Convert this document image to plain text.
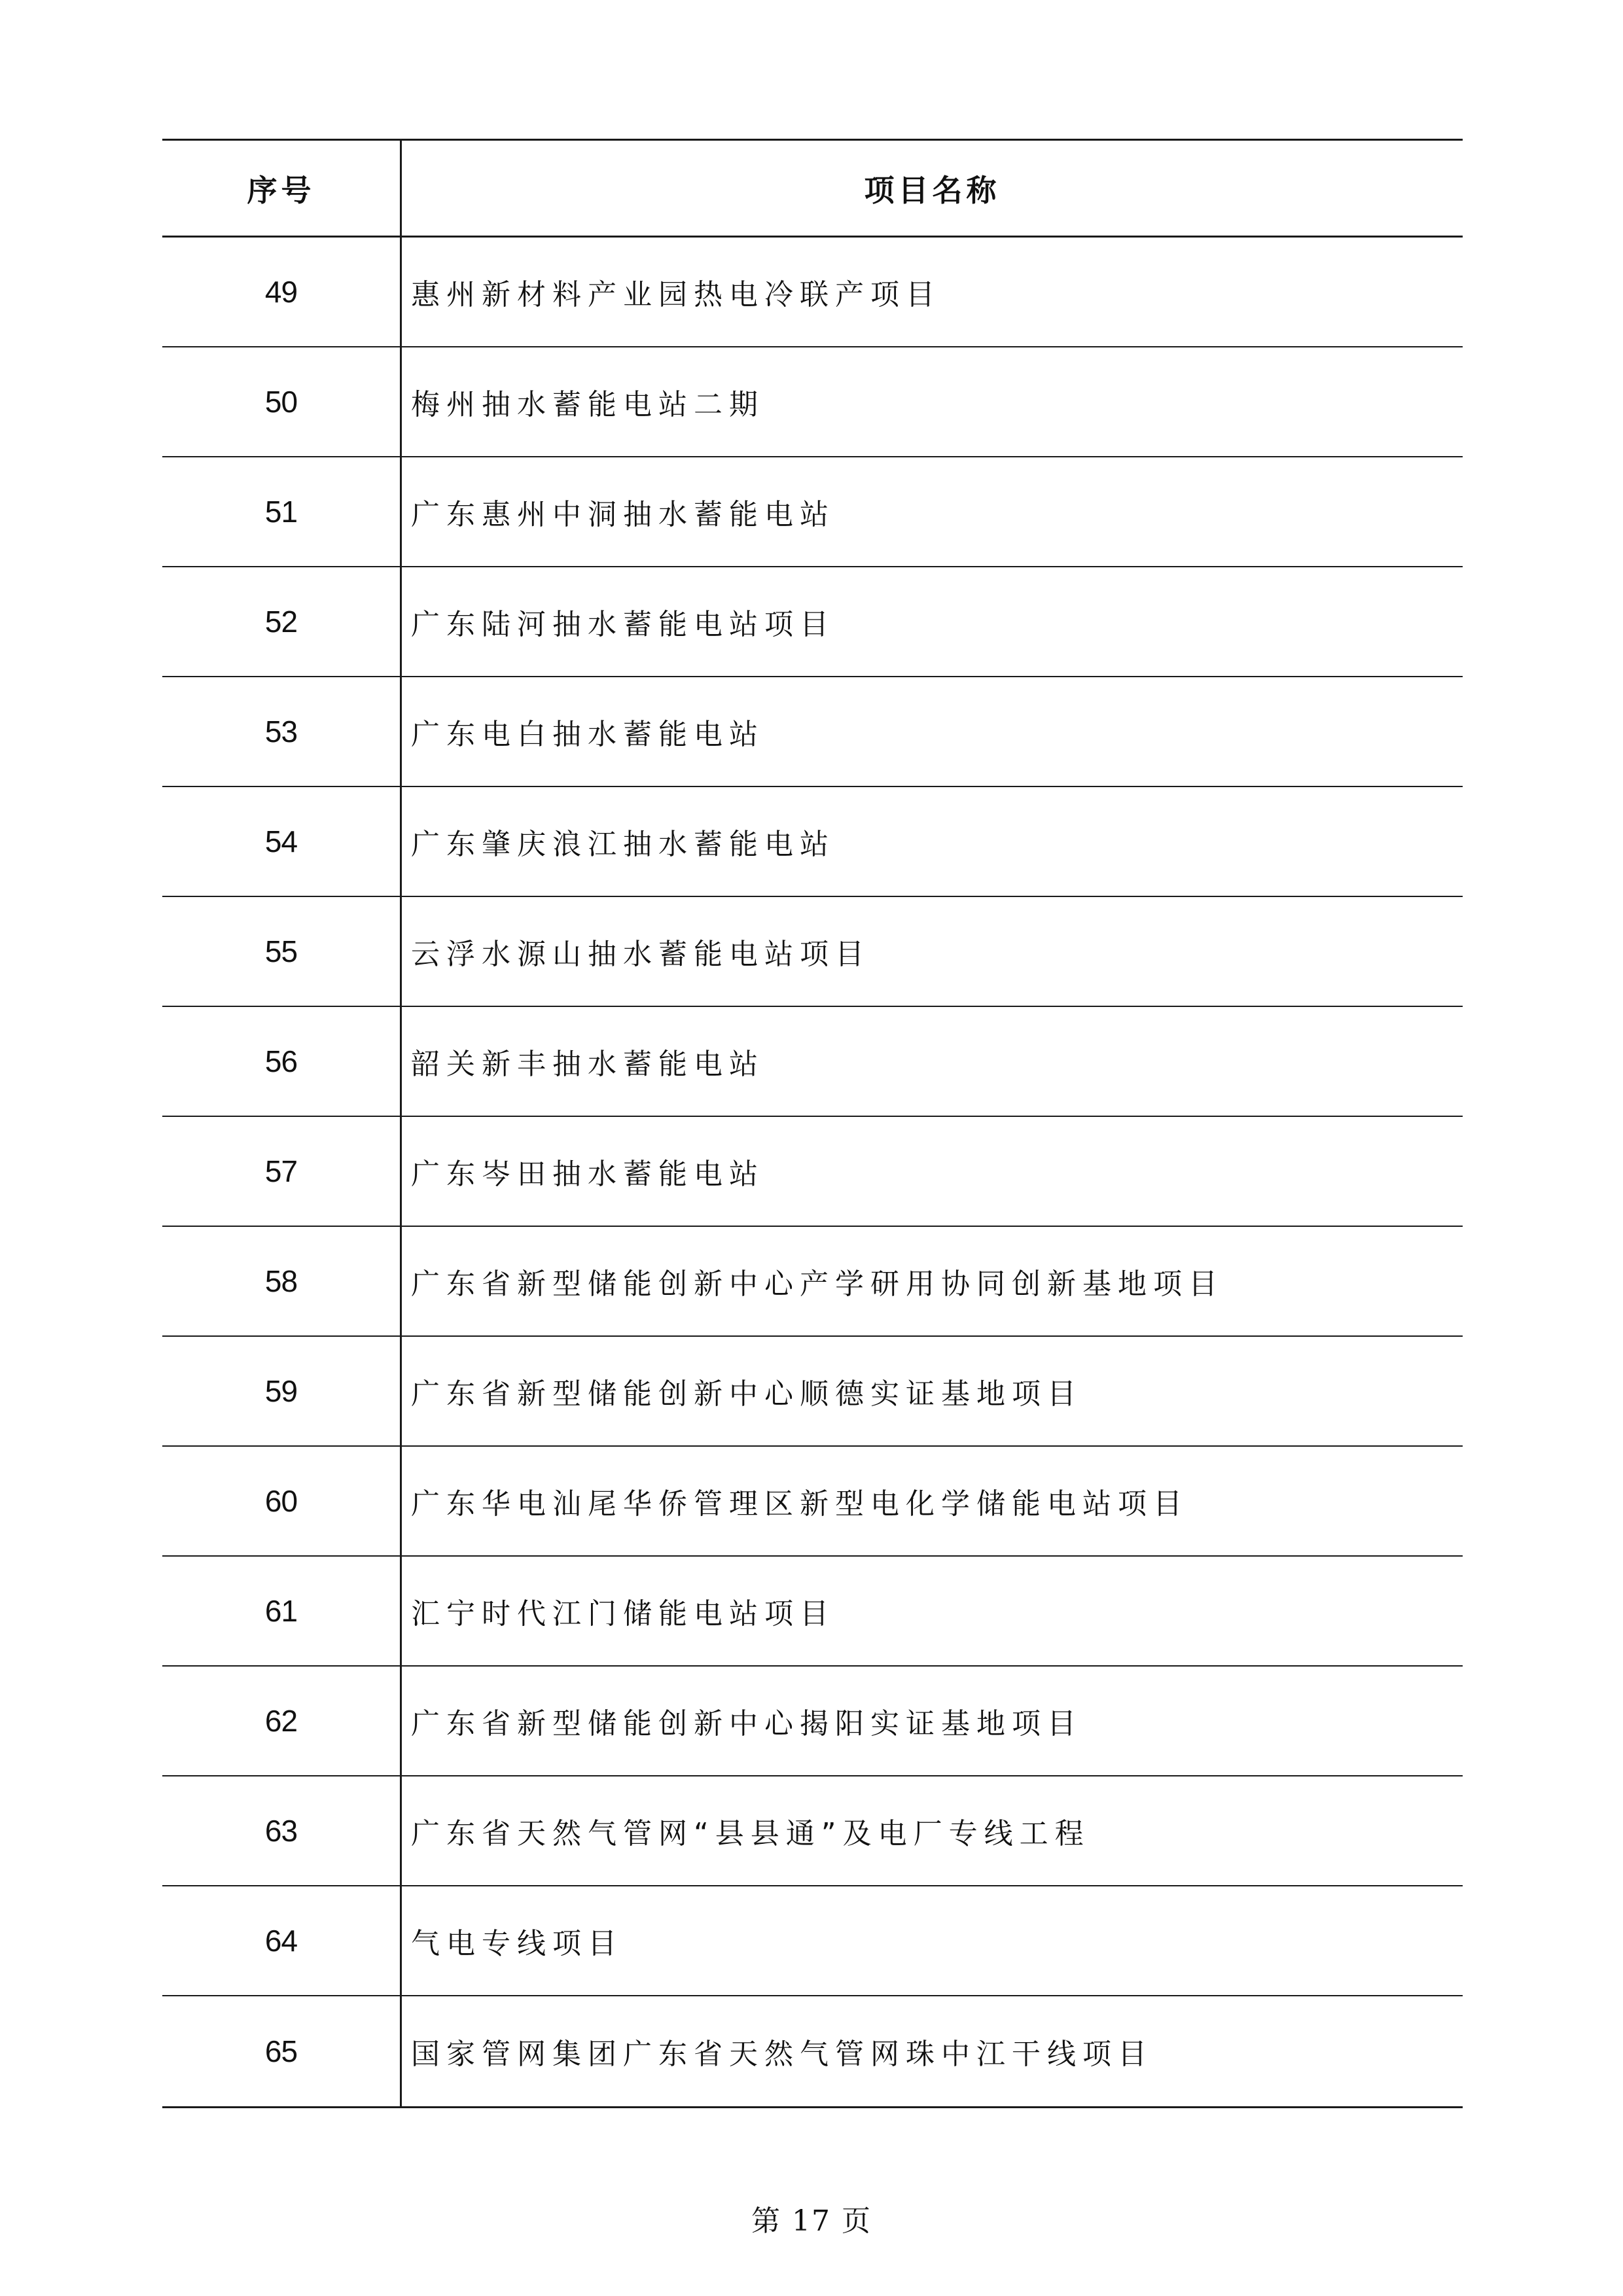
序号	项目名称
49	惠州新材料产业园热电冷联产项目
50	梅州抽水蓄能电站二期
51	广东惠州中洞抽水蓄能电站
52	广东陆河抽水蓄能电站项目
53	广东电白抽水蓄能电站
54	广东肇庆浪江抽水蓄能电站
55	云浮水源山抽水蓄能电站项目
56	韶关新丰抽水蓄能电站
57	广东岑田抽水蓄能电站
58	广东省新型储能创新中心产学研用协同创新基地项目
59	广东省新型储能创新中心顺德实证基地项目
60	广东华电汕尾华侨管理区新型电化学储能电站项目
61	汇宁时代江门储能电站项目
62	广东省新型储能创新中心揭阳实证基地项目
63	广东省天然气管网“县县通”及电厂专线工程
64	气电专线项目
65	国家管网集团广东省天然气管网珠中江干线项目
第 17 页
